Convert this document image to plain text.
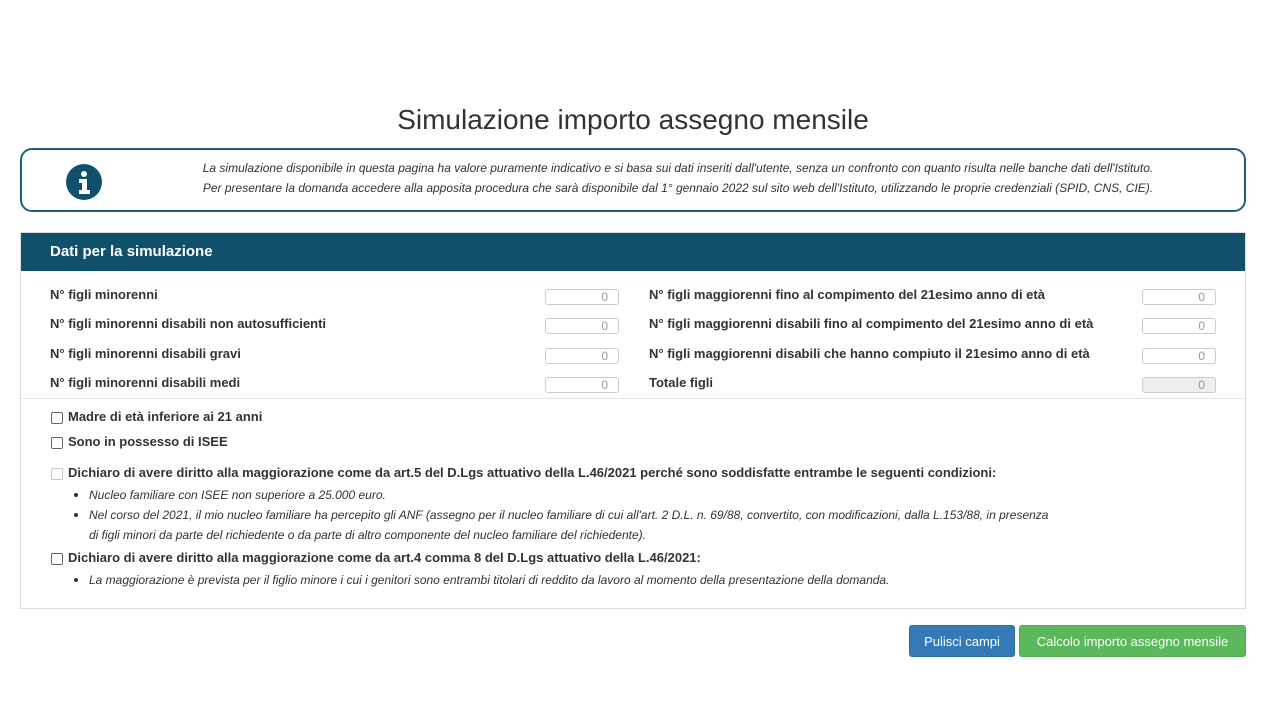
Simulazione importo assegno mensile
La simulazione disponibile in questa pagina ha valore puramente indicativo e si basa sui dati inseriti dall'utente, senza un confronto con quanto risulta nelle banche dati dell'Istituto.
Per presentare la domanda accedere alla apposita procedura che sarà disponibile dal 1° gennaio 2022 sul sito web dell'Istituto, utilizzando le proprie credenziali (SPID, CNS, CIE).
Dati per la simulazione
N° figli minorenni
0
N° figli minorenni disabili non autosufficienti
0
N° figli minorenni disabili gravi
0
N° figli minorenni disabili medi
0
N° figli maggiorenni fino al compimento del 21esimo anno di età
0
N° figli maggiorenni disabili fino al compimento del 21esimo anno di età
0
N° figli maggiorenni disabili che hanno compiuto il 21esimo anno di età
0
Totale figli
0
Madre di età inferiore ai 21 anni
Sono in possesso di ISEE
Dichiaro di avere diritto alla maggiorazione come da art.5 del D.Lgs attuativo della L.46/2021 perché sono soddisfatte entrambe le seguenti condizioni:
Nucleo familiare con ISEE non superiore a 25.000 euro.
Nel corso del 2021, il mio nucleo familiare ha percepito gli ANF (assegno per il nucleo familiare di cui all'art. 2 D.L. n. 69/88, convertito, con modificazioni, dalla L.153/88, in presenza
di figli minori da parte del richiedente o da parte di altro componente del nucleo familiare del richiedente).
Dichiaro di avere diritto alla maggiorazione come da art.4 comma 8 del D.Lgs attuativo della L.46/2021:
La maggiorazione è prevista per il figlio minore i cui i genitori sono entrambi titolari di reddito da lavoro al momento della presentazione della domanda.
Pulisci campi	Calcolo importo assegno mensile
